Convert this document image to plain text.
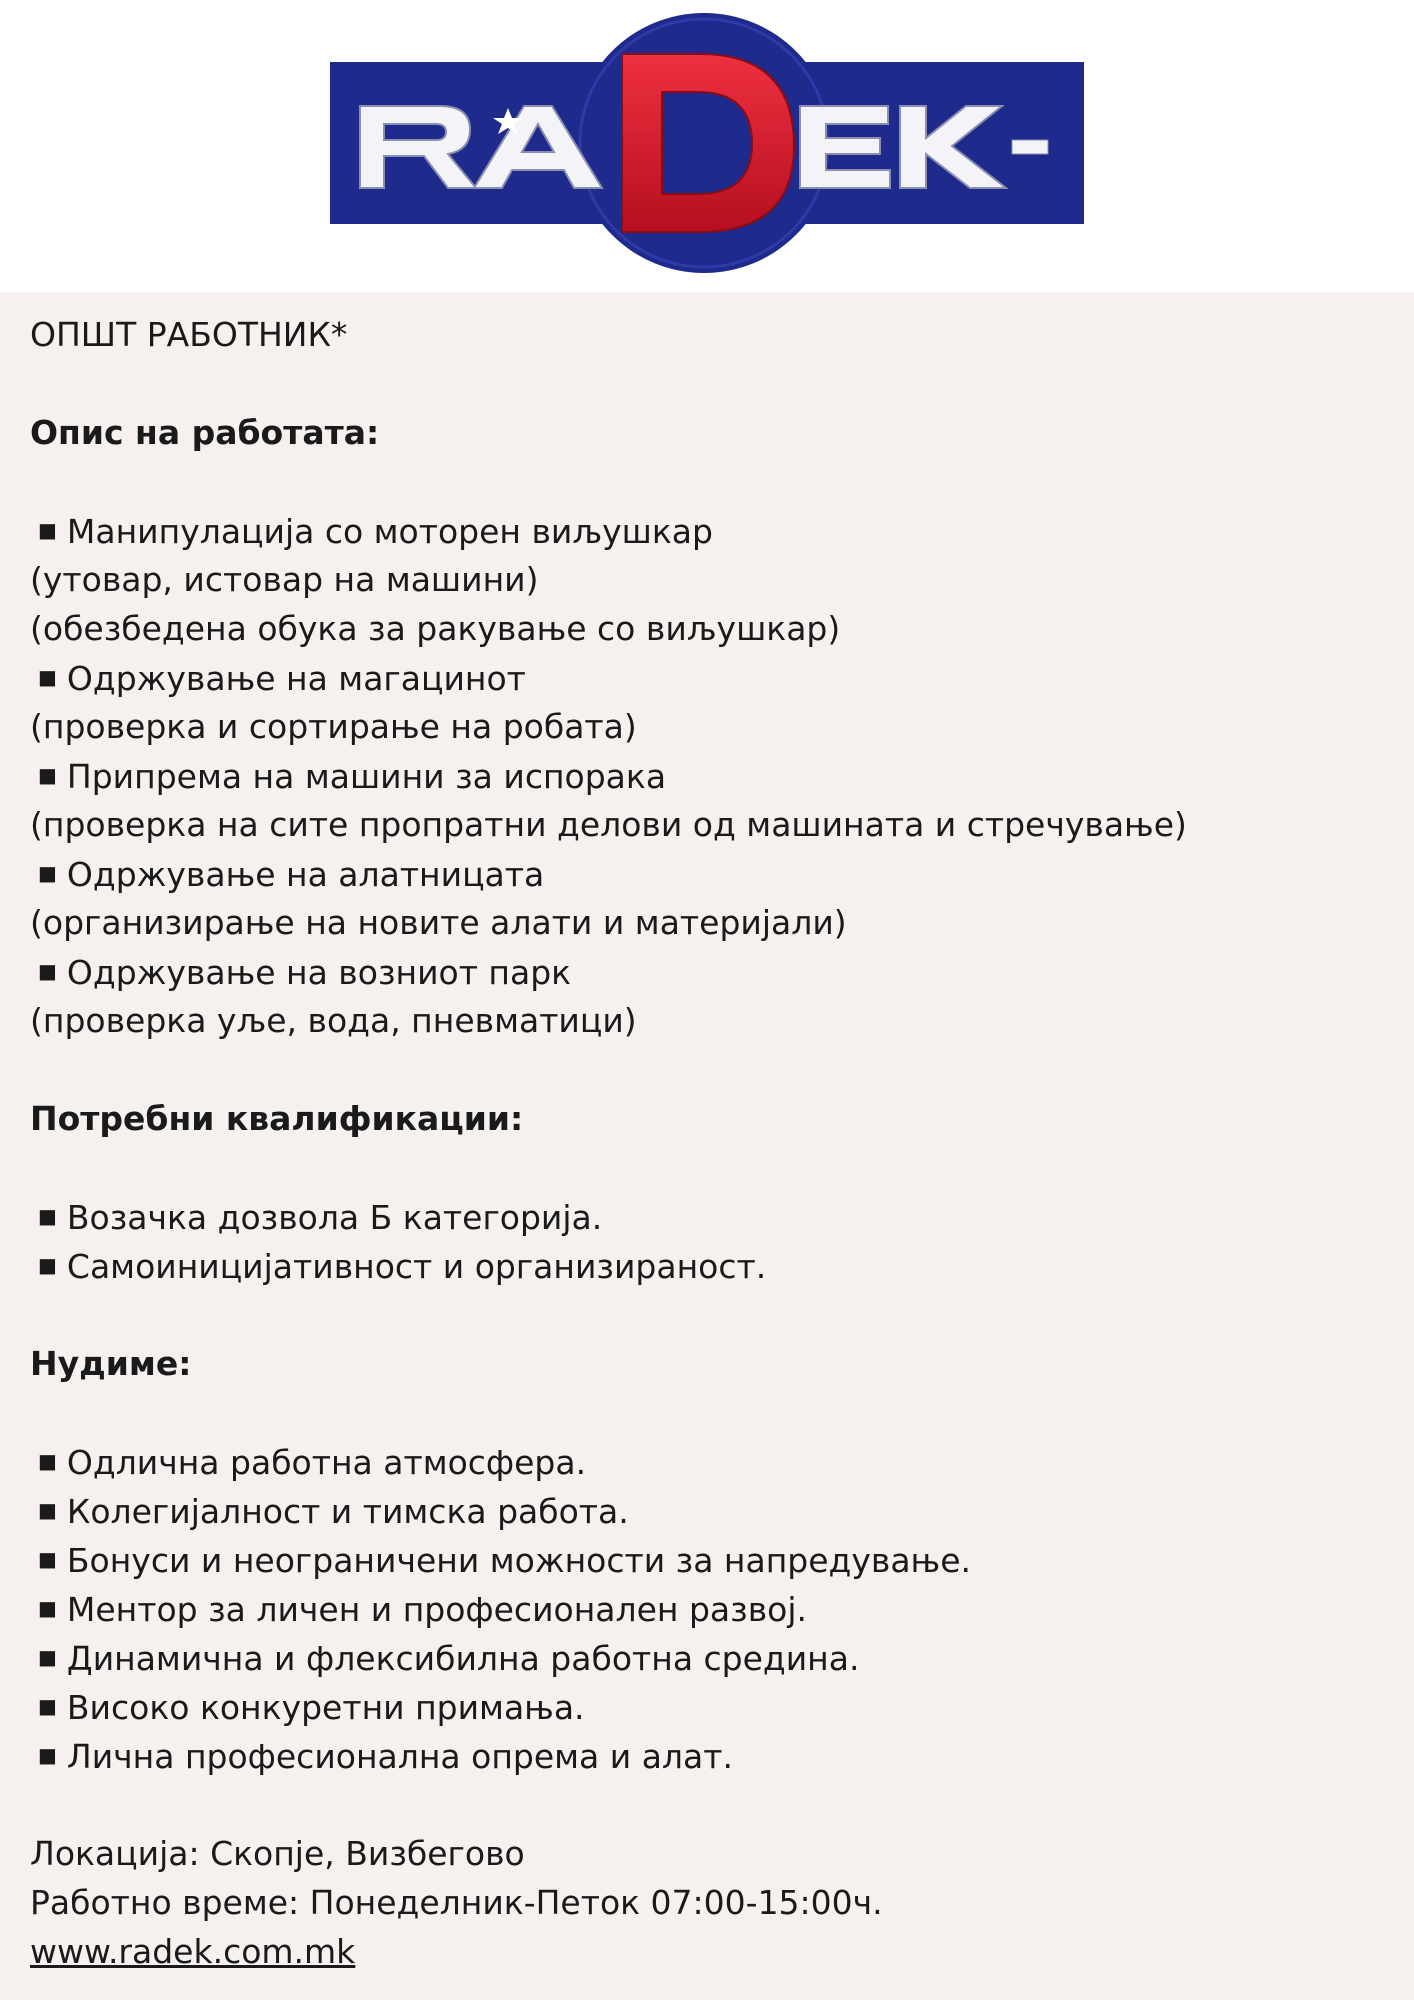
ОПШТ РАБОТНИК*
Опис на работата:
■ Манипулација со моторен виљушкар
(утовар, истовар на машини)
(обезбедена обука за ракување со виљушкар)
■ Одржување на магацинот
(проверка и сортирање на робата)
■ Припрема на машини за испорака
(проверка на сите пропратни делови од машината и стречување)
■ Одржување на алатницата
(организирање на новите алати и материјали)
■ Одржување на возниот парк
(проверка уље, вода, пневматици)
Потребни квалификации:
■ Возачка дозвола Б категорија.
■ Самоиницијативност и организираност.
Нудиме:
■ Одлична работна атмосфера.
■ Колегијалност и тимска работа.
■ Бонуси и неограничени можности за напредување.
■ Ментор за личен и професионален развој.
■ Динамична и флексибилна работна средина.
■ Високо конкуретни примања.
■ Лична професионална опрема и алат.
Локација: Скопје, Визбегово
Работно време: Понеделник-Петок 07:00-15:00ч.
www.radek.com.mk
